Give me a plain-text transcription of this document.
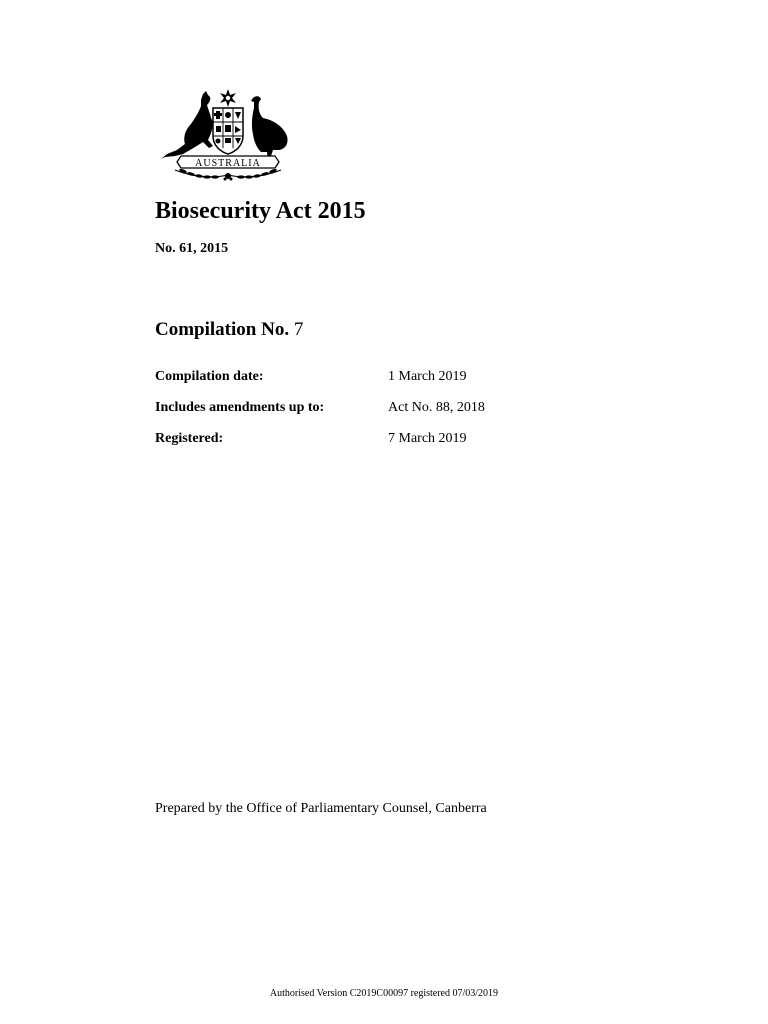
AUSTRALIA
Biosecurity Act 2015
No. 61, 2015
Compilation No. 7
Compilation date:	1 March 2019
Includes amendments up to:	Act No. 88, 2018
Registered:	7 March 2019
Prepared by the Office of Parliamentary Counsel, Canberra
Authorised Version C2019C00097 registered 07/03/2019
